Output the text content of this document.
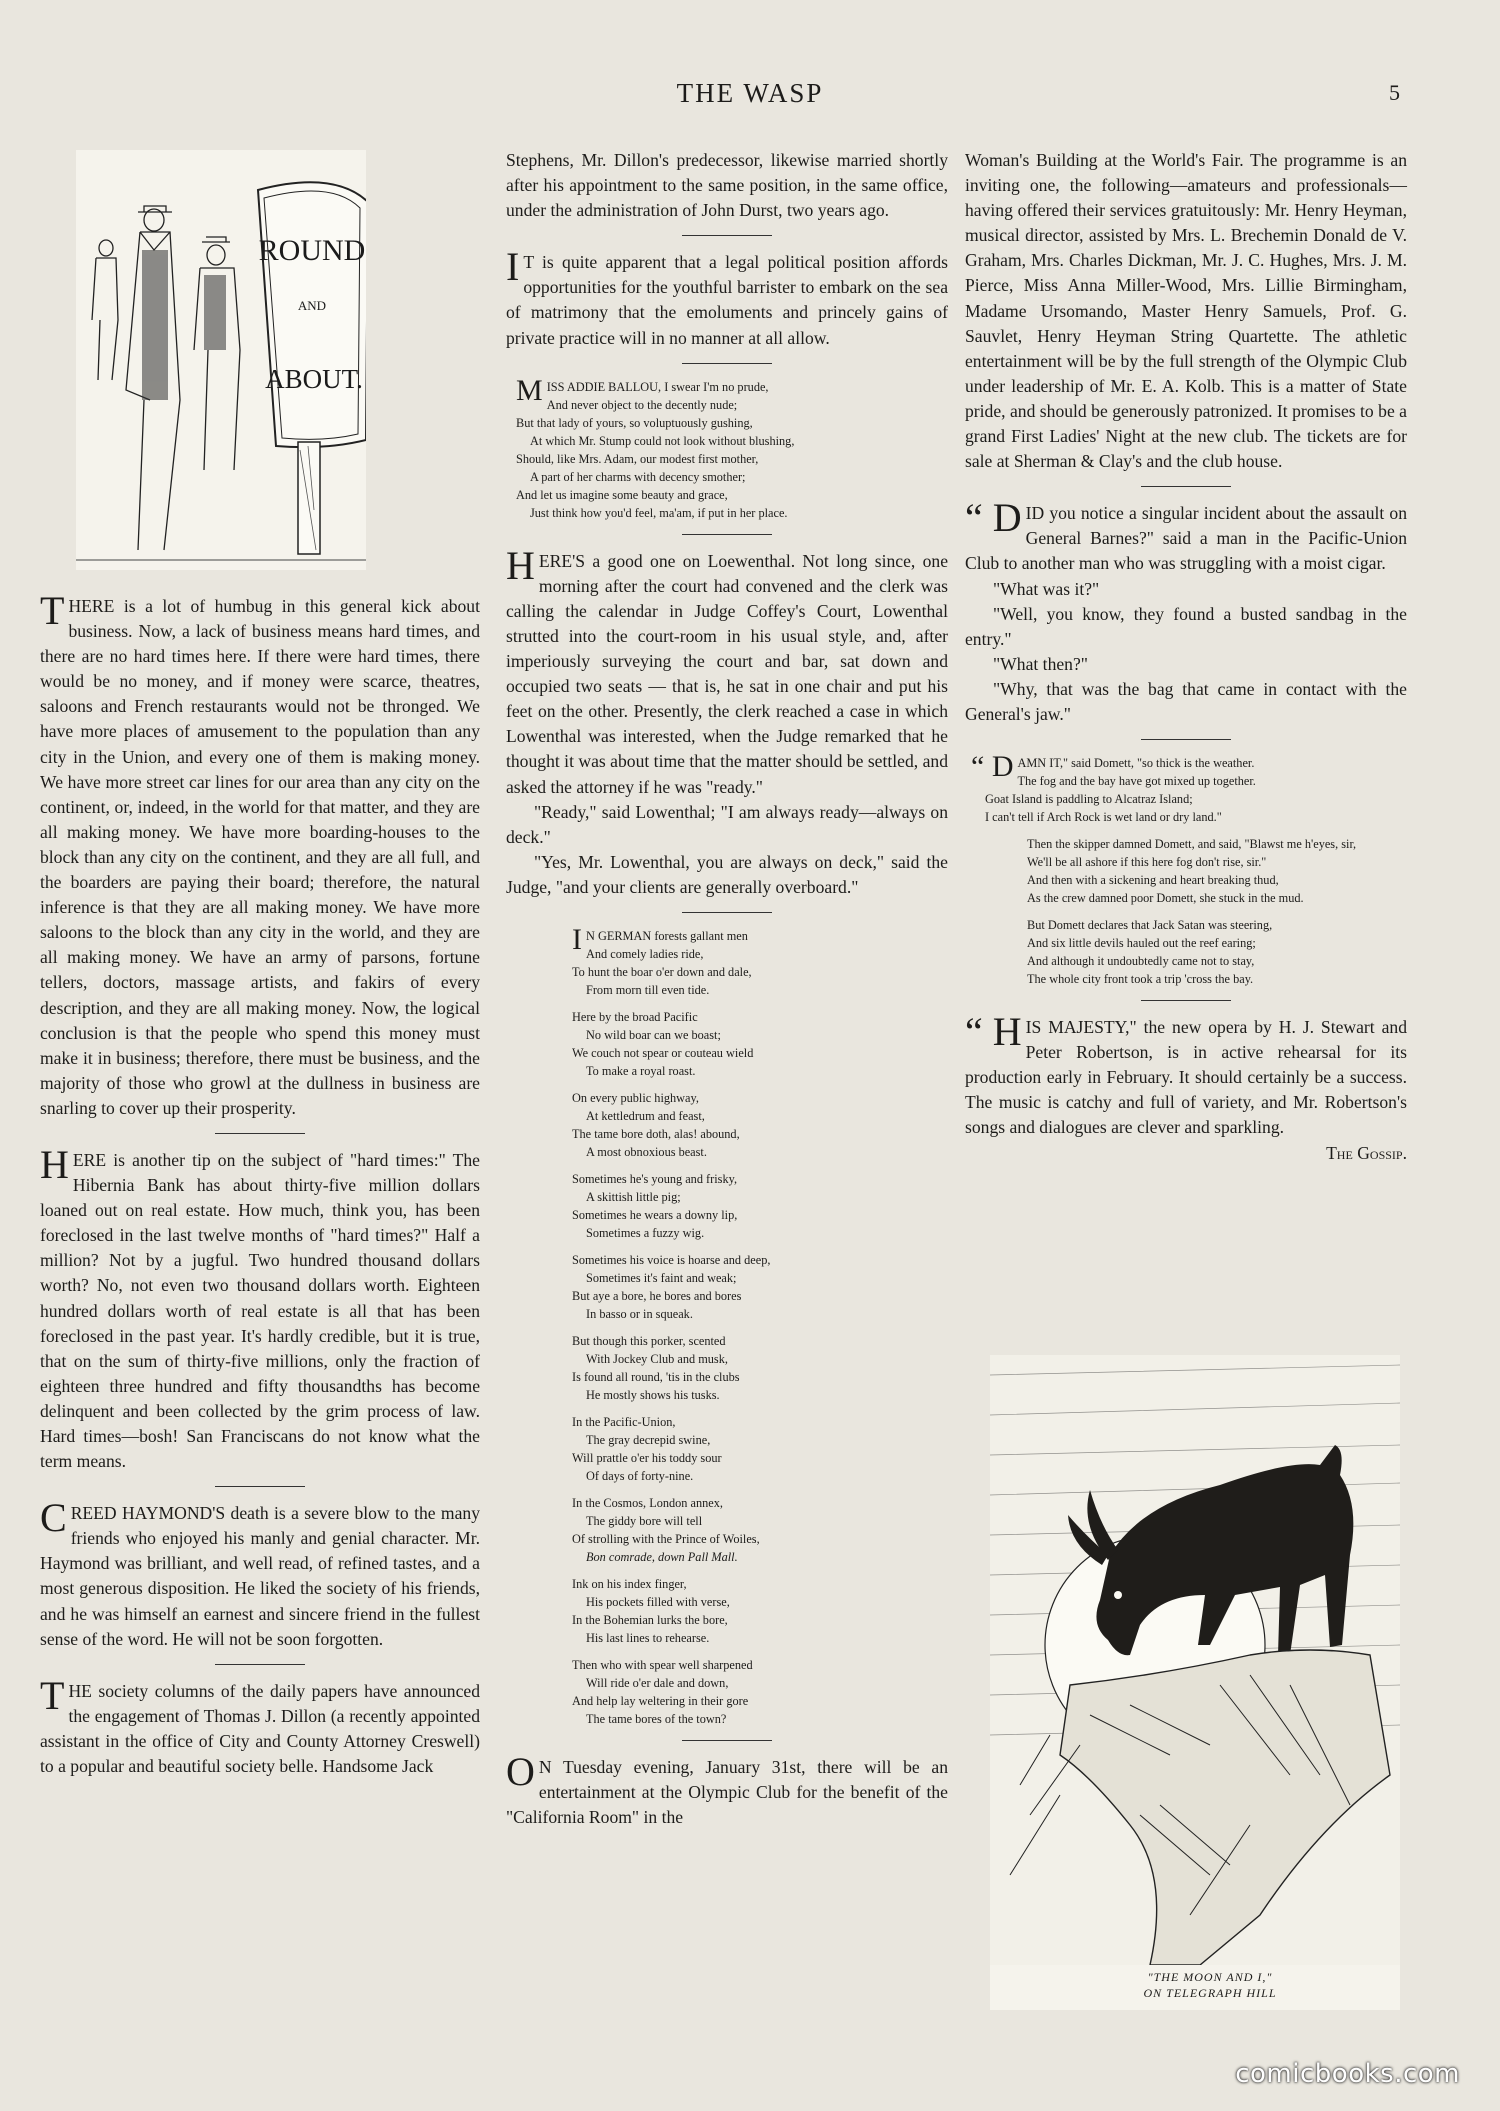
THE WASP	5
ROUND
AND
ABOUT.

THERE is a lot of humbug in this general kick about business. Now, a lack of business means hard times, and there are no hard times here. If there were hard times, there would be no money, and if money were scarce, theatres, saloons and French restaurants would not be thronged. We have more places of amusement to the population than any city in the Union, and every one of them is making money. We have more street car lines for our area than any city on the continent, or, indeed, in the world for that matter, and they are all making money. We have more boarding-houses to the block than any city on the continent, and they are all full, and the boarders are paying their board; therefore, the natural inference is that they are all making money. We have more saloons to the block than any city in the world, and they are all making money. We have an army of parsons, fortune tellers, doctors, massage artists, and fakirs of every description, and they are all making money. Now, the logical conclusion is that the people who spend this money must make it in business; therefore, there must be business, and the majority of those who growl at the dullness in business are snarling to cover up their prosperity.

HERE is another tip on the subject of "hard times:" The Hibernia Bank has about thirty-five million dollars loaned out on real estate. How much, think you, has been foreclosed in the last twelve months of "hard times?" Half a million? Not by a jugful. Two hundred thousand dollars worth? No, not even two thousand dollars worth. Eighteen hundred dollars worth of real estate is all that has been foreclosed in the past year. It's hardly credible, but it is true, that on the sum of thirty-five millions, only the fraction of eighteen three hundred and fifty thousandths has become delinquent and been collected by the grim process of law. Hard times—bosh! San Franciscans do not know what the term means.

CREED HAYMOND'S death is a severe blow to the many friends who enjoyed his manly and genial character. Mr. Haymond was brilliant, and well read, of refined tastes, and a most generous disposition. He liked the society of his friends, and he was himself an earnest and sincere friend in the fullest sense of the word. He will not be soon forgotten.

THE society columns of the daily papers have announced the engagement of Thomas J. Dillon (a recently appointed assistant in the office of City and County Attorney Creswell) to a popular and beautiful society belle. Handsome Jack

Stephens, Mr. Dillon's predecessor, likewise married shortly after his appointment to the same position, in the same office, under the administration of John Durst, two years ago.

I T is quite apparent that a legal political position affords opportunities for the youthful barrister to embark on the sea of matrimony that the emoluments and princely gains of private practice will in no manner at all allow.

M ISS ADDIE BALLOU, I swear I'm no prude,
And never object to the decently nude;
But that lady of yours, so voluptuously gushing,
At which Mr. Stump could not look without blushing,
Should, like Mrs. Adam, our modest first mother,
A part of her charms with decency smother;
And let us imagine some beauty and grace,
Just think how you'd feel, ma'am, if put in her place.

HERE'S a good one on Loewenthal. Not long since, one morning after the court had convened and the clerk was calling the calendar in Judge Coffey's Court, Lowenthal strutted into the court-room in his usual style, and, after imperiously surveying the court and bar, sat down and occupied two seats — that is, he sat in one chair and put his feet on the other. Presently, the clerk reached a case in which Lowenthal was interested, when the Judge remarked that he thought it was about time that the matter should be settled, and asked the attorney if he was "ready."

"Ready," said Lowenthal; "I am always ready—always on deck."

"Yes, Mr. Lowenthal, you are always on deck," said the Judge, "and your clients are generally overboard."

I N GERMAN forests gallant men
And comely ladies ride,
To hunt the boar o'er down and dale,
From morn till even tide.
Here by the broad Pacific
No wild boar can we boast;
We couch not spear or couteau wield
To make a royal roast.
On every public highway,
At kettledrum and feast,
The tame bore doth, alas! abound,
A most obnoxious beast.
Sometimes he's young and frisky,
A skittish little pig;
Sometimes he wears a downy lip,
Sometimes a fuzzy wig.
Sometimes his voice is hoarse and deep,
Sometimes it's faint and weak;
But aye a bore, he bores and bores
In basso or in squeak.
But though this porker, scented
With Jockey Club and musk,
Is found all round, 'tis in the clubs
He mostly shows his tusks.
In the Pacific-Union,
The gray decrepid swine,
Will prattle o'er his toddy sour
Of days of forty-nine.
In the Cosmos, London annex,
The giddy bore will tell
Of strolling with the Prince of Woiles,
Bon comrade, down Pall Mall.
Ink on his index finger,
His pockets filled with verse,
In the Bohemian lurks the bore,
His last lines to rehearse.
Then who with spear well sharpened
Will ride o'er dale and down,
And help lay weltering in their gore
The tame bores of the town?

O N Tuesday evening, January 31st, there will be an entertainment at the Olympic Club for the benefit of the "California Room" in the

Woman's Building at the World's Fair. The programme is an inviting one, the following—amateurs and professionals—having offered their services gratuitously: Mr. Henry Heyman, musical director, assisted by Mrs. L. Brechemin Donald de V. Graham, Mrs. Charles Dickman, Mr. J. C. Hughes, Mrs. J. M. Pierce, Miss Anna Miller-Wood, Mrs. Lillie Birmingham, Madame Ursomando, Master Henry Samuels, Prof. G. Sauvlet, Henry Heyman String Quartette. The athletic entertainment will be by the full strength of the Olympic Club under leadership of Mr. E. A. Kolb. This is a matter of State pride, and should be generously patronized. It promises to be a grand First Ladies' Night at the new club. The tickets are for sale at Sherman & Clay's and the club house.

“ D ID you notice a singular incident about the assault on General Barnes?" said a man in the Pacific-Union Club to another man who was struggling with a moist cigar.

"What was it?"

"Well, you know, they found a busted sandbag in the entry."

"What then?"

"Why, that was the bag that came in contact with the General's jaw."

“ D AMN IT," said Domett, "so thick is the weather.
The fog and the bay have got mixed up together.
Goat Island is paddling to Alcatraz Island;
I can't tell if Arch Rock is wet land or dry land."
Then the skipper damned Domett, and said, "Blawst me h'eyes, sir,
We'll be all ashore if this here fog don't rise, sir."
And then with a sickening and heart breaking thud,
As the crew damned poor Domett, she stuck in the mud.
But Domett declares that Jack Satan was steering,
And six little devils hauled out the reef earing;
And although it undoubtedly came not to stay,
The whole city front took a trip 'cross the bay.

“ H IS MAJESTY," the new opera by H. J. Stewart and Peter Robertson, is in active rehearsal for its production early in February. It should certainly be a success. The music is catchy and full of variety, and Mr. Robertson's songs and dialogues are clever and sparkling.

The Gossip.

"THE MOON AND I,"
ON TELEGRAPH HILL
comicbooks.com
